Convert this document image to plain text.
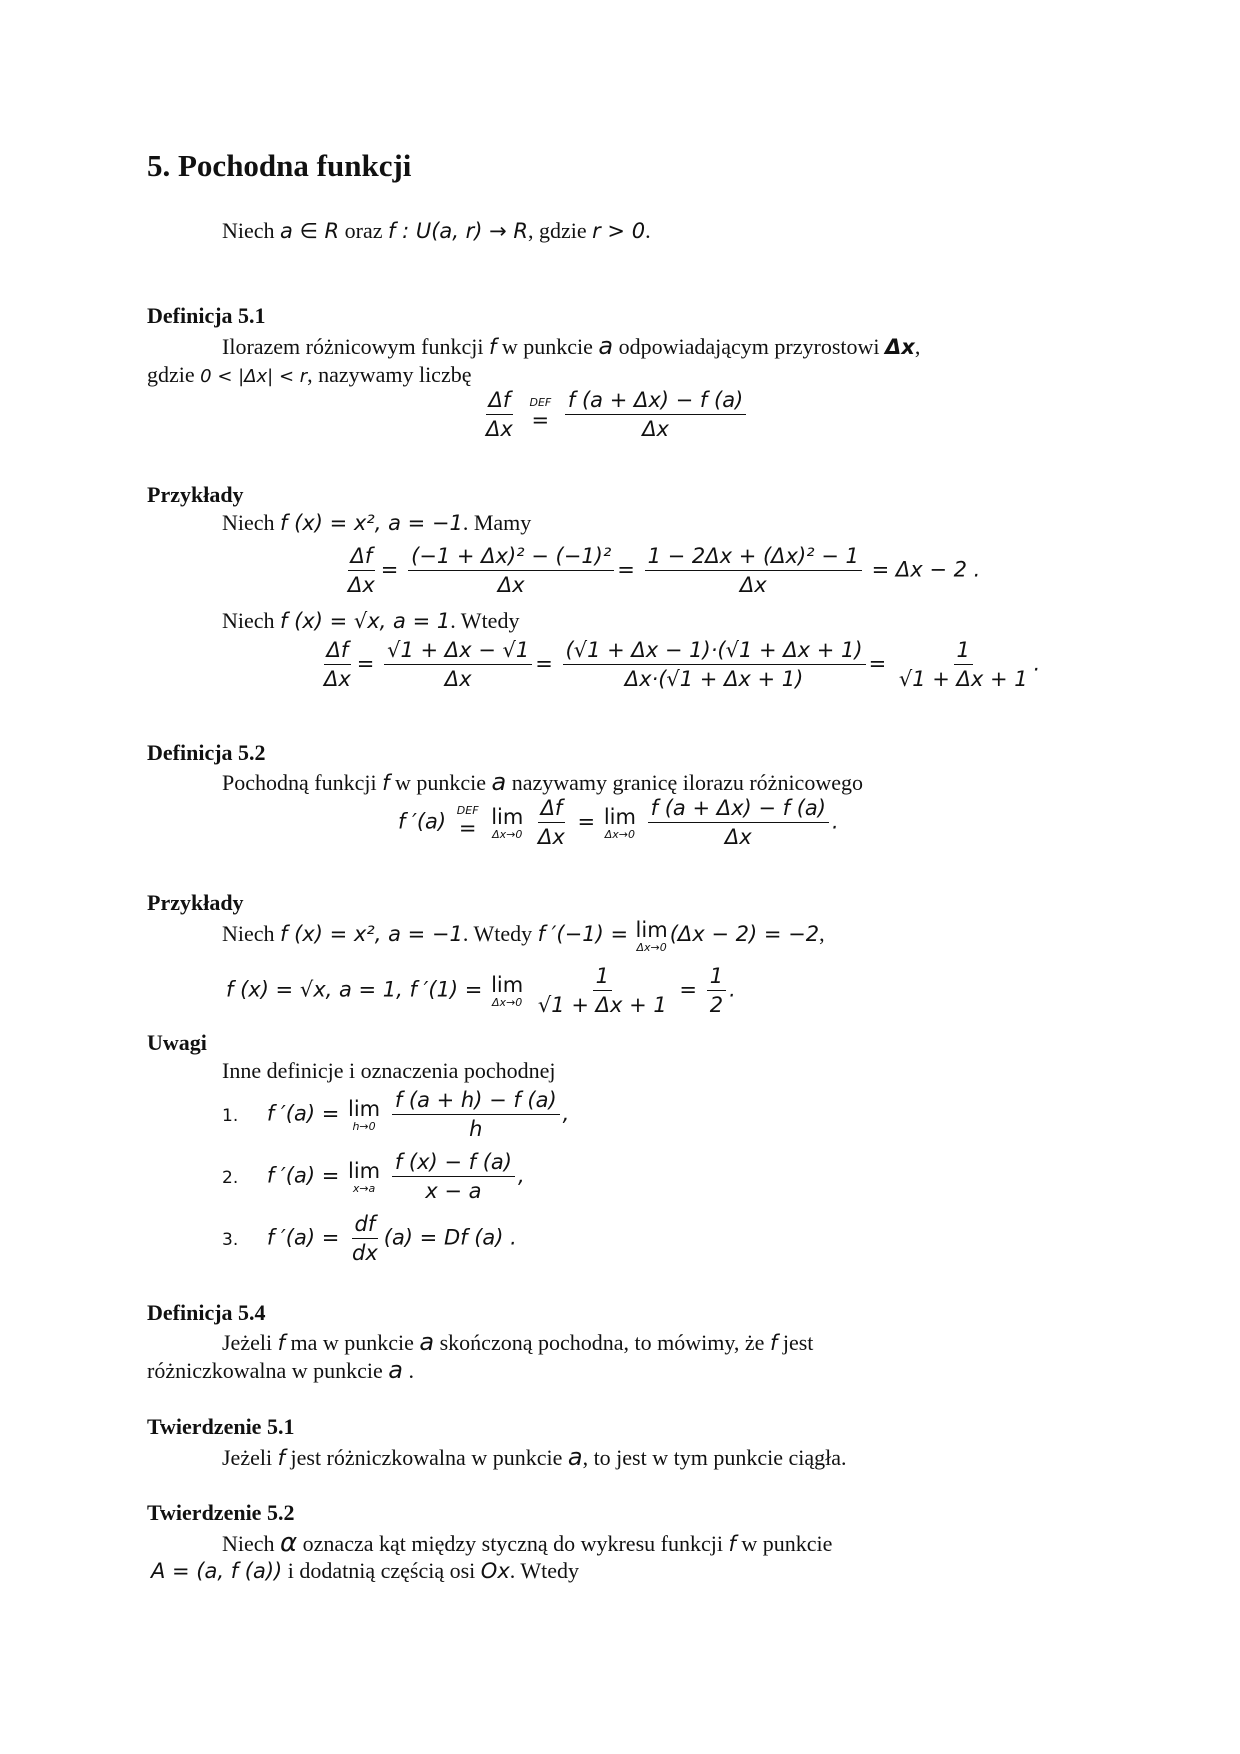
5. Pochodna funkcji
Niech a ∈ R oraz f : U(a, r) → R, gdzie r > 0.
Definicja 5.1
Ilorazem różnicowym funkcji f w punkcie a odpowiadającym przyrostowi Δx,
gdzie 0 < |Δx| < r, nazywamy liczbę
$\frac{\Delta f}{\Delta x}$
DEF
=
$\frac{f (a + \Delta x) - f (a)}{\Delta x}$
Przykłady
Niech f (x) = x², a = −1. Mamy
$\frac{\Delta f}{\Delta x} = \frac{\text{(−1 + Δx)² − (−1)²}}{\Delta x} = \frac{\text{1 − 2Δx + (Δx)² − 1}}{\Delta x} = \Delta x - 2$ .
Niech f (x) = √x, a = 1. Wtedy
$\frac{\Delta f}{\Delta x} = \frac{√1 + \Delta x - √1}{\Delta x} = \frac{(√1 + \Delta x - 1)\cdot(√1 + \Delta x + 1)}{\Delta x\cdot(√1 + \Delta x + 1)} = \frac{1}{√1 + \Delta x + 1}$ .
Definicja 5.2
Pochodną funkcji f w punkcie a nazywamy granicę ilorazu różnicowego
f ′(a) DEF
=
lim
Δx→0
$\frac{\Delta f}{\Delta x} = \lim$
Δx→0
$\frac{f (a + \Delta x) - f (a)}{\Delta x}$ .
Przykłady
Niech f (x) = x², a = −1. Wtedy f ′(−1) = lim
Δx→0
(Δx − 2) = −2,
f (x) = √x, a = 1, f ′(1) = lim
Δx→0
$\frac{1}{√1 + \Delta x + 1} = \frac{1}{2}$ .
Uwagi
Inne definicje i oznaczenia pochodnej
1. f ′(a) = lim
h→0
$\frac{f (a + h) - f (a)}{h}$ ,
2. f ′(a) = lim
x→a
$\frac{f (x) - f (a)}{x - a}$ ,
3. f $'(a) = \frac{df}{dx} (a) = Df$ (a) .
Definicja 5.4
Jeżeli f ma w punkcie a skończoną pochodna, to mówimy, że f jest
różniczkowalna w punkcie a .
Twierdzenie 5.1
Jeżeli f jest różniczkowalna w punkcie a, to jest w tym punkcie ciągła.
Twierdzenie 5.2
Niech α oznacza kąt między styczną do wykresu funkcji f w punkcie
A = (a, f (a)) i dodatnią częścią osi Ox. Wtedy
